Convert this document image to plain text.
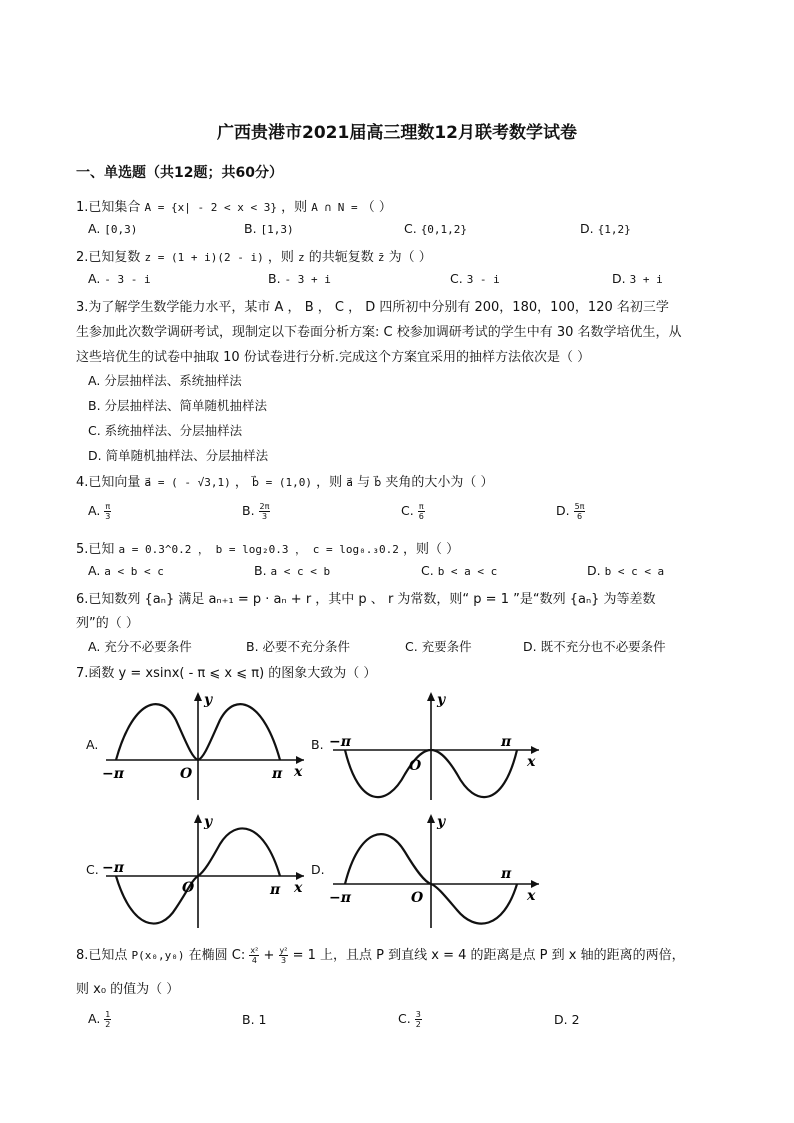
广西贵港市2021届高三理数12月联考数学试卷
一、单选题（共12题；共60分）
1.已知集合 A = {x| - 2 < x < 3} ，则 A ∩ N = （ ）
A. [0,3)	B. [1,3)	C. {0,1,2}	D. {1,2}
2.已知复数 z = (1 + i)(2 - i) ，则 z 的共轭复数 z̄ 为（ ）
A. - 3 - i	B. - 3 + i	C. 3 - i	D. 3 + i
3.为了解学生数学能力水平，某市 A ， B ， C ， D 四所初中分别有 200，180，100，120 名初三学
生参加此次数学调研考试，现制定以下卷面分析方案: C 校参加调研考试的学生中有 30 名数学培优生，从
这些培优生的试卷中抽取 10 份试卷进行分析.完成这个方案宜采用的抽样方法依次是（ ）
A. 分层抽样法、系统抽样法
B. 分层抽样法、简单随机抽样法
C. 系统抽样法、分层抽样法
D. 简单随机抽样法、分层抽样法
4.已知向量 a⃗ = ( - √3,1) ， b⃗ = (1,0) ，则 a⃗ 与 b⃗ 夹角的大小为（ ）
A. $\frac{\pi}{3}$	B. $\frac{2\pi}{3}$	C. $\frac{\pi}{6}$	D. $\frac{5\pi}{6}$
5.已知 a = 0.3^0.2 ， b = log₂0.3 ， c = log₀.₃0.2 ，则（ ）
A. a < b < c	B. a < c < b	C. b < a < c	D. b < c < a
6.已知数列 {aₙ} 满足 aₙ₊₁ = p · aₙ + r ，其中 p 、 r 为常数，则“ p = 1 ”是“数列 {aₙ} 为等差数
列”的（ ）
A. 充分不必要条件	B. 必要不充分条件	C. 充要条件	D. 既不充分也不必要条件
7.函数 y = xsinx( - π ⩽ x ⩽ π) 的图象大致为（ ）
A.	B.
C.	D.
y
x
O
−π	π
y
x
O
−π	π
y
x
O
−π
π
y
x
O
−π
π
8.已知点 P(x₀,y₀) 在椭圆 C: $\frac{\text{x²}}{4} + \frac{\text{y²}}{3} = 1$ 上，且点 P 到直线 x = 4 的距离是点 P 到 x 轴的距离的两倍，
则 x₀ 的值为（ ）
A. $\frac{1}{2}$	B. 1	C. $\frac{3}{2}$	D. 2
